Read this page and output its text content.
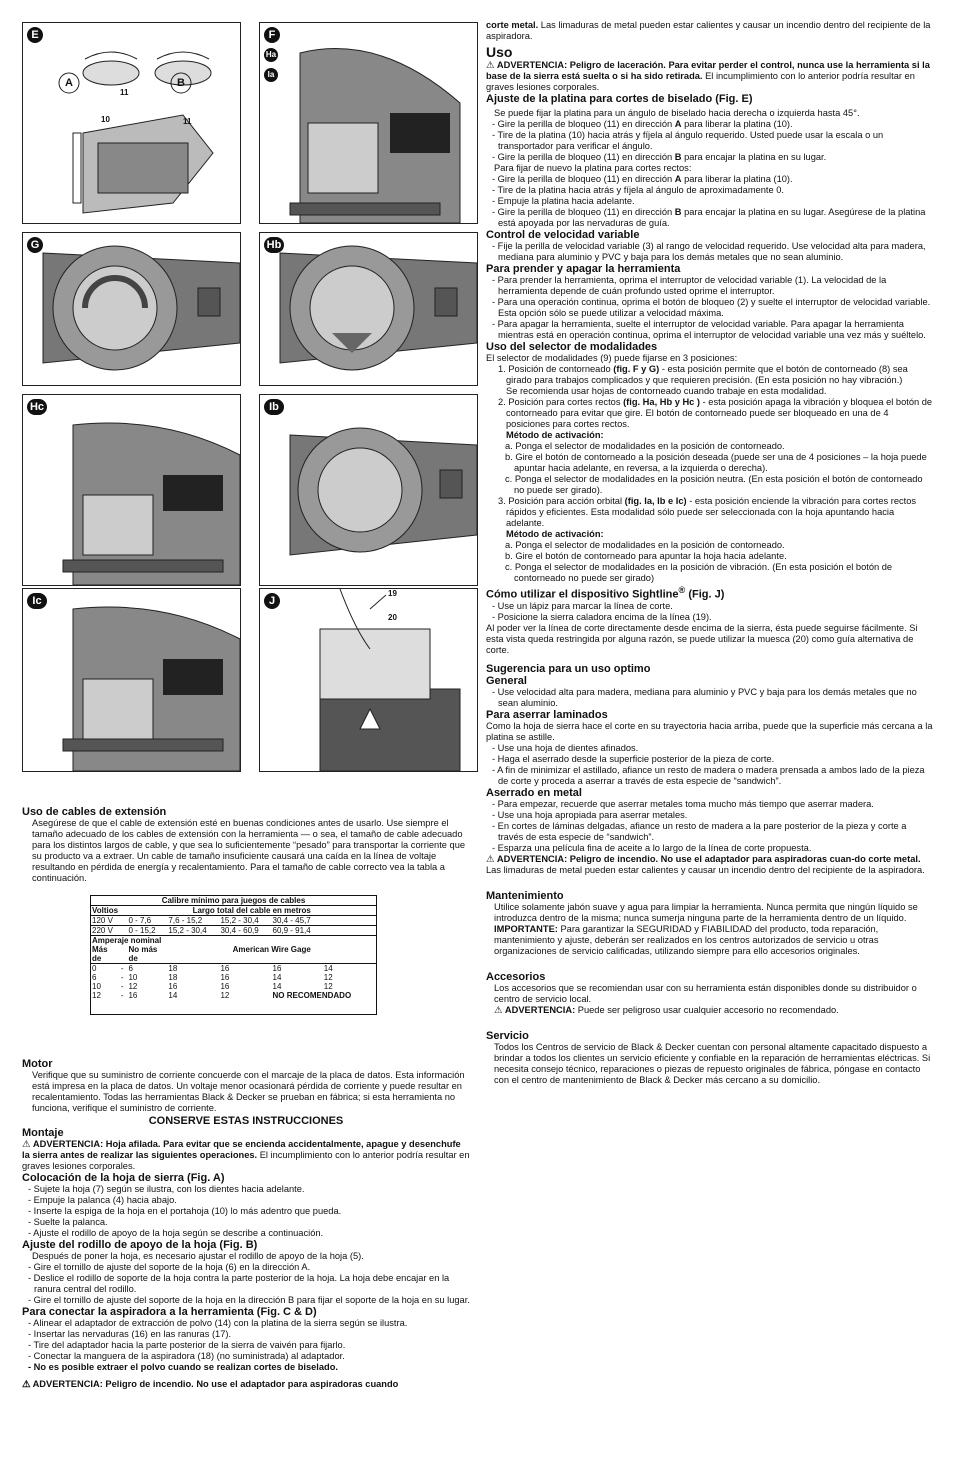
E
A	B
11
10	11
F
Ha
Ia
G	Hb
Hc	Ib
Ic	J
19
20

Uso de cables de extensión

Asegúrese de que el cable de extensión esté en buenas condiciones antes de usarlo. Use siempre el tamaño adecuado de los cables de extensión con la herramienta — o sea, el tamaño de cable adecuado para los distintos largos de cable, y que sea lo suficientemente “pesado” para transportar la corriente que su producto va a extraer. Un cable de tamaño insuficiente causará una caída en la línea de voltaje resultando en pérdida de energía y recalentamiento. Para el tamaño de cable correcto vea la tabla a continuación.

Calibre mínimo para juegos de cables						
Voltios		Largo total del cable en metros				
120 V		0 - 7,6	7,6 - 15,2	15,2 - 30,4	30,4 - 45,7	
220 V		0 - 15,2	15,2 - 30,4	30,4 - 60,9	60,9 - 91,4	
Amperaje nominal						
Más		No más	American Wire Gage			
de		de				
0	-	6	18	16	16	14
6	-	10	18	16	14	12
10	-	12	16	16	14	12
12	-	16	14	12	NO RECOMENDADO	

Motor

Verifique que su suministro de corriente concuerde con el marcaje de la placa de datos. Esta información está impresa en la placa de datos. Un voltaje menor ocasionará pérdida de corriente y puede resultar en recalentamiento. Todas las herramientas Black & Decker se prueban en fábrica; si esta herramienta no funciona, verifique el suministro de corriente.

CONSERVE ESTAS INSTRUCCIONES

Montaje

⚠ ADVERTENCIA: Hoja afilada. Para evitar que se encienda accidentalmente, apague y desenchufe la sierra antes de realizar las siguientes operaciones. El incumplimiento con lo anterior podría resultar en graves lesiones corporales.

Colocación de la hoja de sierra (Fig. A)

- Sujete la hoja (7) según se ilustra, con los dientes hacia adelante.

- Empuje la palanca (4) hacia abajo.

- Inserte la espiga de la hoja en el portahoja (10) lo más adentro que pueda.

- Suelte la palanca.

- Ajuste el rodillo de apoyo de la hoja según se describe a continuación.

Ajuste del rodillo de apoyo de la hoja (Fig. B)

Después de poner la hoja, es necesario ajustar el rodillo de apoyo de la hoja (5).

- Gire el tornillo de ajuste del soporte de la hoja (6) en la dirección A.

- Deslice el rodillo de soporte de la hoja contra la parte posterior de la hoja. La hoja debe encajar en la ranura central del rodillo.

- Gire el tornillo de ajuste del soporte de la hoja en la dirección B para fijar el soporte de la hoja en su lugar.

Para conectar la aspiradora a la herramienta (Fig. C & D)

- Alinear el adaptador de extracción de polvo (14) con la platina de la sierra según se ilustra.

- Insertar las nervaduras (16) en las ranuras (17).

- Tire del adaptador hacia la parte posterior de la sierra de vaivén para fijarlo.

- Conectar la manguera de la aspiradora (18) (no suministrada) al adaptador.

- No es posible extraer el polvo cuando se realizan cortes de biselado.

⚠ ADVERTENCIA: Peligro de incendio. No use el adaptador para aspiradoras cuando

corte metal. Las limaduras de metal pueden estar calientes y causar un incendio dentro del recipiente de la aspiradora.

Uso

⚠ ADVERTENCIA: Peligro de laceración. Para evitar perder el control, nunca use la herramienta si la base de la sierra está suelta o si ha sido retirada. El incumplimiento con lo anterior podría resultar en graves lesiones corporales.

Ajuste de la platina para cortes de biselado (Fig. E)

Se puede fijar la platina para un ángulo de biselado hacia derecha o izquierda hasta 45°.

- Gire la perilla de bloqueo (11) en dirección A para liberar la platina (10).

- Tire de la platina (10) hacia atrás y fíjela al ángulo requerido. Usted puede usar la escala o un transportador para verificar el ángulo.

- Gire la perilla de bloqueo (11) en dirección B para encajar la platina en su lugar.

Para fijar de nuevo la platina para cortes rectos:

- Gire la perilla de bloqueo (11) en dirección A para liberar la platina (10).

- Tire de la platina hacia atrás y fíjela al ángulo de aproximadamente 0.

- Empuje la platina hacia adelante.

- Gire la perilla de bloqueo (11) en dirección B para encajar la platina en su lugar. Asegúrese de la platina está apoyada por las nervaduras de guía.

Control de velocidad variable

- Fije la perilla de velocidad variable (3) al rango de velocidad requerido. Use velocidad alta para madera, mediana para aluminio y PVC y baja para los demás metales que no sean aluminio.

Para prender y apagar la herramienta

- Para prender la herramienta, oprima el interruptor de velocidad variable (1). La velocidad de la herramienta depende de cuán profundo usted oprime el interruptor.

- Para una operación continua, oprima el botón de bloqueo (2) y suelte el interruptor de velocidad variable. Esta opción sólo se puede utilizar a velocidad máxima.

- Para apagar la herramienta, suelte el interruptor de velocidad variable. Para apagar la herramienta mientras está en operación continua, oprima el interruptor de velocidad variable una vez más y suéltelo.

Uso del selector de modalidades

El selector de modalidades (9) puede fijarse en 3 posiciones:

1. Posición de contorneado (fig. F y G) - esta posición permite que el botón de contorneado (8) sea girado para trabajos complicados y que requieren precisión. (En esta posición no hay vibración.)

Se recomienda usar hojas de contorneado cuando trabaje en esta modalidad.

2. Posición para cortes rectos (fig. Ha, Hb y Hc ) - esta posición apaga la vibración y bloquea el botón de contorneado para evitar que gire. El botón de contorneado puede ser bloqueado en una de 4 posiciones para cortes rectos.

Método de activación:

a. Ponga el selector de modalidades en la posición de contorneado.

b. Gire el botón de contorneado a la posición deseada (puede ser una de 4 posiciones – la hoja puede apuntar hacia adelante, en reversa, a la izquierda o derecha).

c. Ponga el selector de modalidades en la posición neutra. (En esta posición el botón de contorneado no puede ser girado).

3. Posición para acción orbital (fig. Ia, Ib e Ic) - esta posición enciende la vibración para cortes rectos rápidos y eficientes. Esta modalidad sólo puede ser seleccionada con la hoja apuntando hacia adelante.

Método de activación:

a. Ponga el selector de modalidades en la posición de contorneado.

b. Gire el botón de contorneado para apuntar la hoja hacia adelante.

c. Ponga el selector de modalidades en la posición de vibración. (En esta posición el botón de contorneado no puede ser girado)

Cómo utilizar el dispositivo Sightline® (Fig. J)

- Use un lápiz para marcar la línea de corte.

- Posicione la sierra caladora encima de la línea (19).

Al poder ver la línea de corte directamente desde encima de la sierra, ésta puede seguirse fácilmente. Si esta vista queda restringida por alguna razón, se puede utilizar la muesca (20) como guía alternativa de corte.

Sugerencia para un uso optimo

General

- Use velocidad alta para madera, mediana para aluminio y PVC y baja para los demás metales que no sean aluminio.

Para aserrar laminados

Como la hoja de sierra hace el corte en su trayectoria hacia arriba, puede que la superficie más cercana a la platina se astille.

- Use una hoja de dientes afinados.

- Haga el aserrado desde la superficie posterior de la pieza de corte.

- A fin de minimizar el astillado, afiance un resto de madera o madera prensada a ambos lado de la pieza de corte y proceda a aserrar a través de esta especie de “sandwich”.

Aserrado en metal

- Para empezar, recuerde que aserrar metales toma mucho más tiempo que aserrar madera.

- Use una hoja apropiada para aserrar metales.

- En cortes de láminas delgadas, afiance un resto de madera a la pare posterior de la pieza y corte a través de esta especie de “sandwich”.

- Esparza una película fina de aceite a lo largo de la línea de corte propuesta.

⚠ ADVERTENCIA: Peligro de incendio. No use el adaptador para aspiradoras cuan-do corte metal. Las limaduras de metal pueden estar calientes y causar un incendio dentro del recipiente de la aspiradora.

Mantenimiento

Utilice solamente jabón suave y agua para limpiar la herramienta. Nunca permita que ningún líquido se introduzca dentro de la misma; nunca sumerja ninguna parte de la herramienta dentro de un líquido.

IMPORTANTE: Para garantizar la SEGURIDAD y FIABILIDAD del producto, toda reparación, mantenimiento y ajuste, deberán ser realizados en los centros autorizados de servicio u otras organizaciones de servicio calificadas, utilizando siempre para ello accesorios originales.

Accesorios

Los accesorios que se recomiendan usar con su herramienta están disponibles donde su distribuidor o centro de servicio local.

⚠ ADVERTENCIA: Puede ser peligroso usar cualquier accesorio no recomendado.

Servicio

Todos los Centros de servicio de Black & Decker cuentan con personal altamente capacitado dispuesto a brindar a todos los clientes un servicio eficiente y confiable en la reparación de herramientas eléctricas. Si necesita consejo técnico, reparaciones o piezas de repuesto originales de fábrica, póngase en contacto con el centro de mantenimiento de Black & Decker más cercano a su domicilio.
